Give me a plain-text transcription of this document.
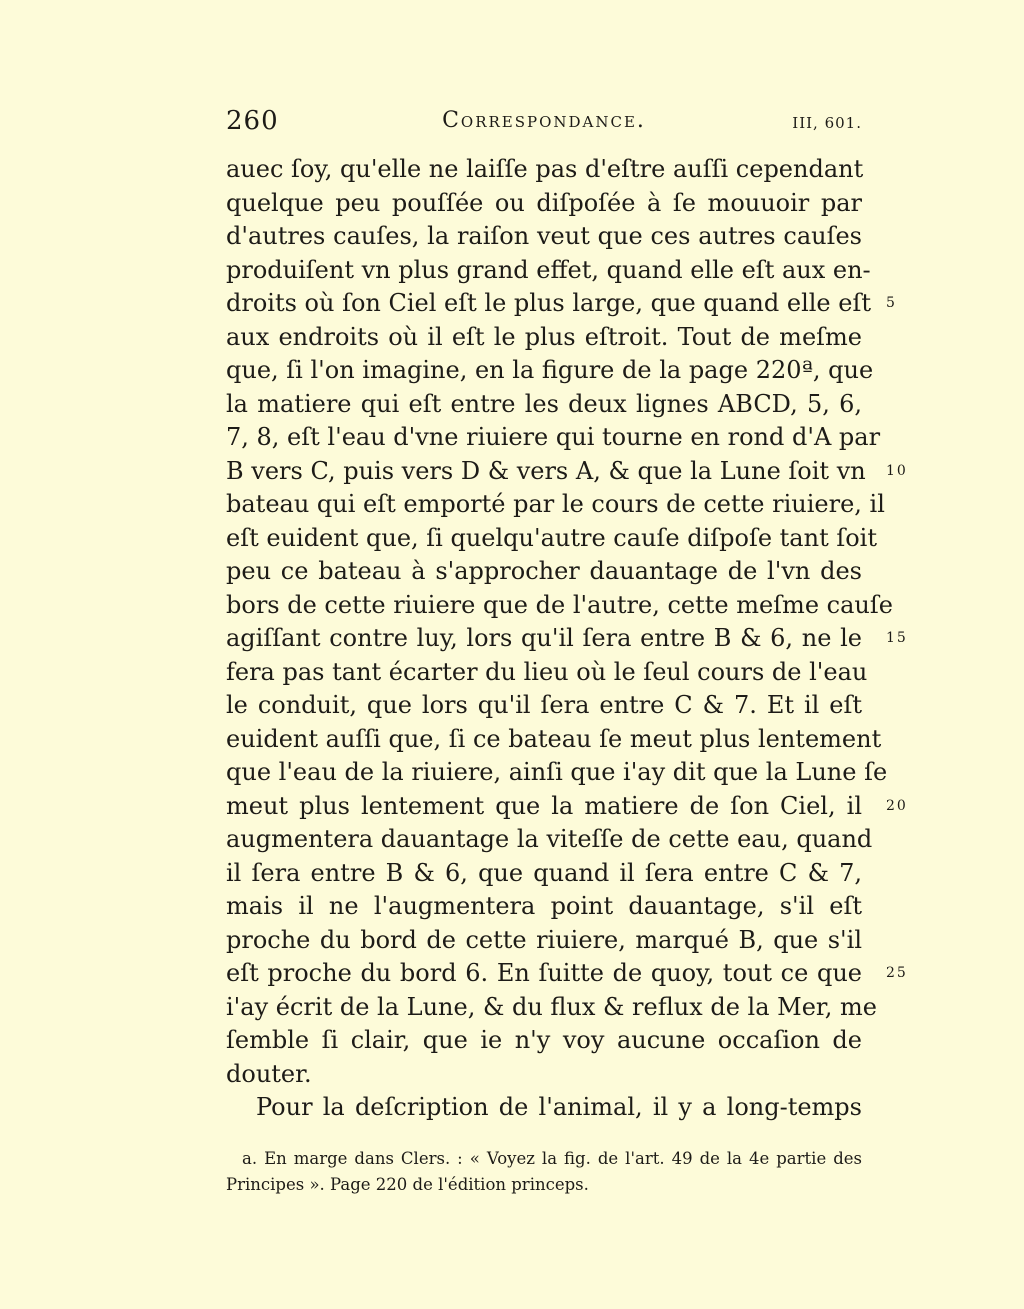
260	Correspondance.	III, 601.
auec ſoy, qu'elle ne laiſſe pas d'eſtre auſſi cependant
quelque peu pouſſée ou diſpoſée à ſe mouuoir par
d'autres cauſes, la raiſon veut que ces autres cauſes
produiſent vn plus grand effet, quand elle eſt aux en-
droits où ſon Ciel eſt le plus large, que quand elle eſt 5
aux endroits où il eſt le plus eſtroit. Tout de meſme
que, ſi l'on imagine, en la figure de la page 220ª, que
la matiere qui eſt entre les deux lignes ABCD, 5, 6,
7, 8, eſt l'eau d'vne riuiere qui tourne en rond d'A par
B vers C, puis vers D & vers A, & que la Lune ſoit vn 10
bateau qui eſt emporté par le cours de cette riuiere, il
eſt euident que, ſi quelqu'autre cauſe diſpoſe tant ſoit
peu ce bateau à s'approcher dauantage de l'vn des
bors de cette riuiere que de l'autre, cette meſme cauſe
agiſſant contre luy, lors qu'il ſera entre B & 6, ne le 15
fera pas tant écarter du lieu où le ſeul cours de l'eau
le conduit, que lors qu'il ſera entre C & 7. Et il eſt
euident auſſi que, ſi ce bateau ſe meut plus lentement
que l'eau de la riuiere, ainſi que i'ay dit que la Lune ſe
meut plus lentement que la matiere de ſon Ciel, il 20
augmentera dauantage la viteſſe de cette eau, quand
il ſera entre B & 6, que quand il ſera entre C & 7,
mais il ne l'augmentera point dauantage, s'il eſt
proche du bord de cette riuiere, marqué B, que s'il
eſt proche du bord 6. En ſuitte de quoy, tout ce que 25
i'ay écrit de la Lune, & du flux & reflux de la Mer, me
ſemble ſi clair, que ie n'y voy aucune occaſion de
douter.
Pour la deſcription de l'animal, il y a long-temps
a. En marge dans Clers. : « Voyez la fig. de l'art. 49 de la 4e partie des
Principes ». Page 220 de l'édition princeps.
